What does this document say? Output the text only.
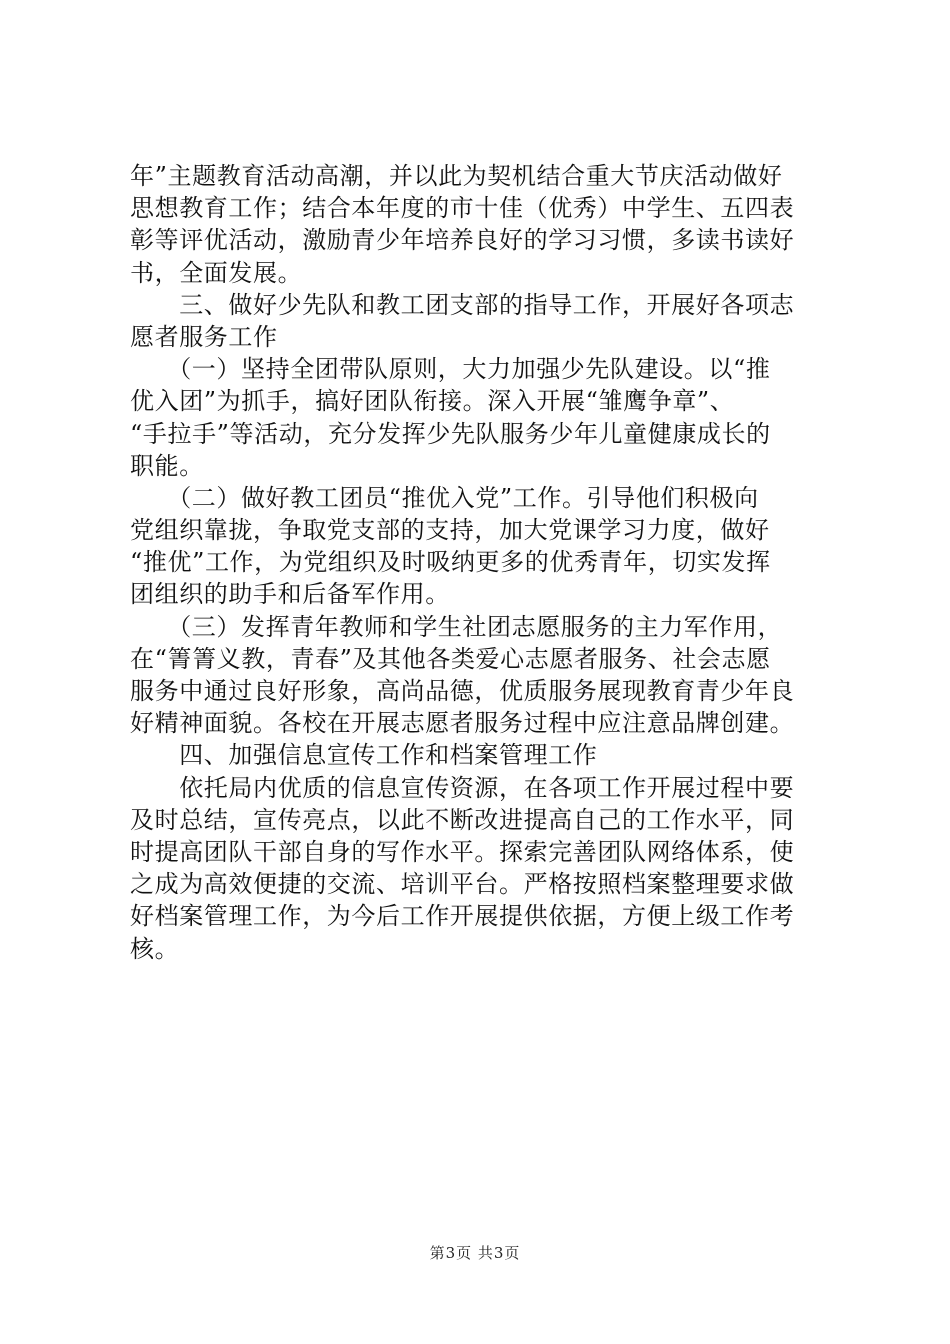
年”主题教育活动高潮，并以此为契机结合重大节庆活动做好
思想教育工作；结合本年度的市十佳（优秀）中学生、五四表
彰等评优活动，激励青少年培养良好的学习习惯，多读书读好
书，全面发展。
　　三、做好少先队和教工团支部的指导工作，开展好各项志
愿者服务工作
　　（一）坚持全团带队原则，大力加强少先队建设。以“推
优入团”为抓手，搞好团队衔接。深入开展“雏鹰争章”、
“手拉手”等活动，充分发挥少先队服务少年儿童健康成长的
职能。
　　（二）做好教工团员“推优入党”工作。引导他们积极向
党组织靠拢，争取党支部的支持，加大党课学习力度，做好
“推优”工作，为党组织及时吸纳更多的优秀青年，切实发挥
团组织的助手和后备军作用。
　　（三）发挥青年教师和学生社团志愿服务的主力军作用，
在“箐箐义教，青春”及其他各类爱心志愿者服务、社会志愿
服务中通过良好形象，高尚品德，优质服务展现教育青少年良
好精神面貌。各校在开展志愿者服务过程中应注意品牌创建。
　　四、加强信息宣传工作和档案管理工作
　　依托局内优质的信息宣传资源，在各项工作开展过程中要
及时总结，宣传亮点，以此不断改进提高自己的工作水平，同
时提高团队干部自身的写作水平。探索完善团队网络体系，使
之成为高效便捷的交流、培训平台。严格按照档案整理要求做
好档案管理工作，为今后工作开展提供依据，方便上级工作考
核。
第3页 共3页
